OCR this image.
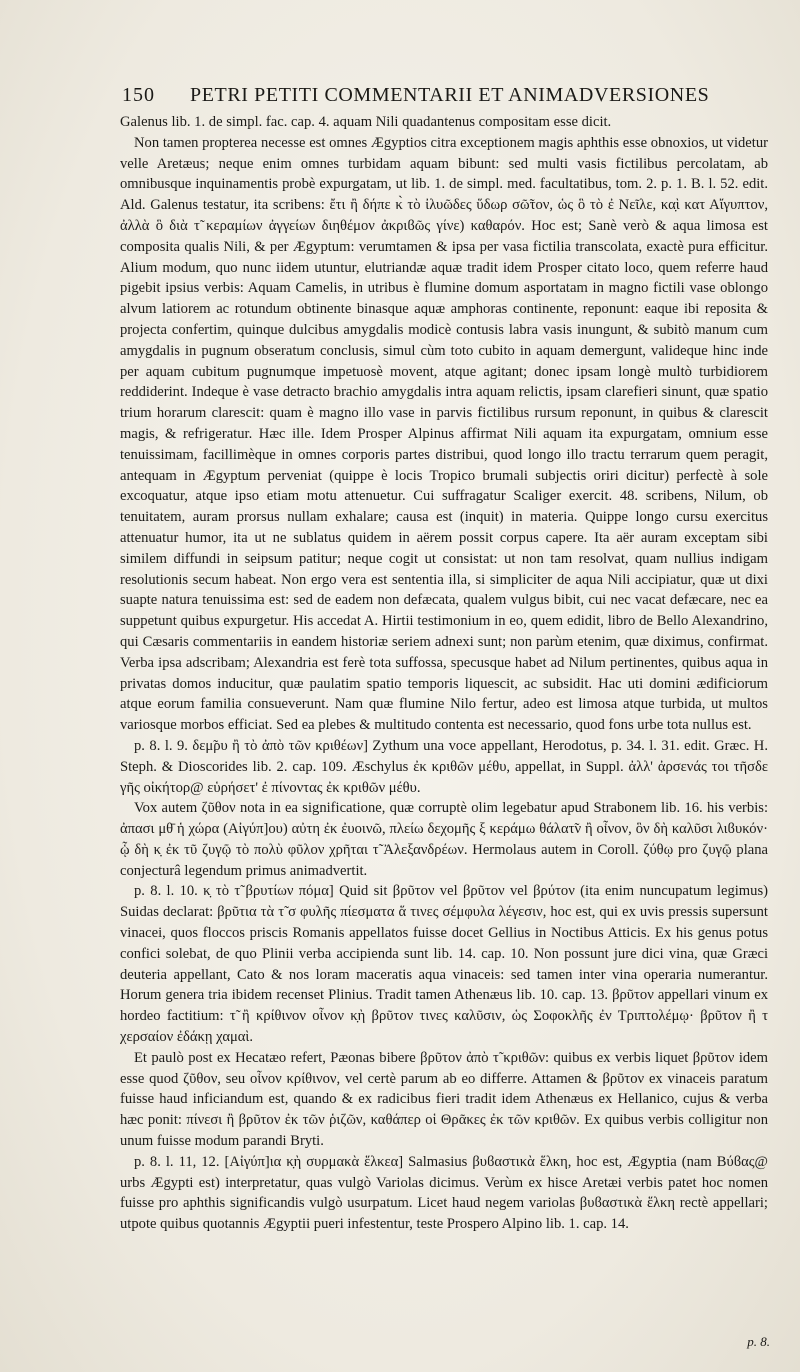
150 PETRI PETITI COMMENTARII ET ANIMADVERSIONES

Galenus lib. 1. de simpl. fac. cap. 4. aquam Nili quadantenus compositam esse dicit.

Non tamen propterea necesse est omnes Ægyptios citra exceptionem magis aphthis esse obnoxios, ut videtur velle Aretæus; neque enim omnes turbidam aquam bibunt: sed multi vasis fictilibus percolatam, ab omnibusque inquinamentis probè expurgatam, ut lib. 1. de simpl. med. facultatibus, tom. 2. p. 1. B. l. 52. edit. Ald. Galenus testatur, ita scribens: ἔτι ἢ δήπε κ̀ τὸ ἰλυῶδες ὕδωρ σῶ̃τον, ὡς ὃ τὸ ἐ Νεῖλε, κα̣ὶ κατ Αἴγυπτον, ἀλλὰ ὃ διὰ τ̃ κεραμίων ἀγγείων διηθέμον ἀκριϐῶς γίνε) καθαρόν. Hoc est; Sanè verò & aqua limosa est composita qualis Nili, & per Ægyptum: verumtamen & ipsa per vasa fictilia transcolata, exactè pura efficitur. Alium modum, quo nunc iidem utuntur, elutriandæ aquæ tradit idem Prosper citato loco, quem referre haud pigebit ipsius verbis: Aquam Camelis, in utribus è flumine domum asportatam in magno fictili vase oblongo alvum latiorem ac rotundum obtinente binasque aquæ amphoras continente, reponunt: eaque ibi reposita & projecta confertim, quinque dulcibus amygdalis modicè contusis labra vasis inungunt, & subitò manum cum amygdalis in pugnum obseratum conclusis, simul cùm toto cubito in aquam demergunt, valideque hinc inde per aquam cubitum pugnumque impetuosè movent, atque agitant; donec ipsam longè multò turbidiorem reddiderint. Indeque è vase detracto brachio amygdalis intra aquam relictis, ipsam clarefieri sinunt, quæ spatio trium horarum clarescit: quam è magno illo vase in parvis fictilibus rursum reponunt, in quibus & clarescit magis, & refrigeratur. Hæc ille. Idem Prosper Alpinus affirmat Nili aquam ita expurgatam, omnium esse tenuissimam, facillimèque in omnes corporis partes distribui, quod longo illo tractu terrarum quem peragit, antequam in Ægyptum perveniat (quippe è locis Tropico brumali subjectis oriri dicitur) perfectè à sole excoquatur, atque ipso etiam motu attenuetur. Cui suffragatur Scaliger exercit. 48. scribens, Nilum, ob tenuitatem, auram prorsus nullam exhalare; causa est (inquit) in materia. Quippe longo cursu exercitus attenuatur humor, ita ut ne sublatus quidem in aërem possit corpus capere. Ita aër auram exceptam sibi similem diffundi in seipsum patitur; neque cogit ut consistat: ut non tam resolvat, quam nullius indigam resolutionis secum habeat. Non ergo vera est sententia illa, si simpliciter de aqua Nili accipiatur, quæ ut dixi suapte natura tenuissima est: sed de eadem non defæcata, qualem vulgus bibit, cui nec vacat defæcare, nec ea suppetunt quibus expurgetur. His accedat A. Hirtii testimonium in eo, quem edidit, libro de Bello Alexandrino, qui Cæsaris commentariis in eandem historiæ seriem adnexi sunt; non parùm etenim, quæ diximus, confirmat. Verba ipsa adscribam; Alexandria est ferè tota suffossa, specusque habet ad Nilum pertinentes, quibus aqua in privatas domos inducitur, quæ paulatim spatio temporis liquescit, ac subsidit. Hac uti domini ædificiorum atque eorum familia consueverunt. Nam quæ flumine Nilo fertur, adeo est limosa atque turbida, ut multos variosque morbos efficiat. Sed ea plebes & multitudo contenta est necessario, quod fons urbe tota nullus est.

p. 8. l. 9. δεμ̃ρυ ἢ τὸ ἀπὸ τῶν κριθέων] Zythum una voce appellant, Herodotus, p. 34. l. 31. edit. Græc. H. Steph. & Dioscorides lib. 2. cap. 109. Æschylus ἐκ κριθῶν μέθυ, appellat, in Suppl. ἀλλ' ἀρσενάς τοι τῆσδε γῆς οἰκήτορ@ εὑρήσετ' ἐ πίνοντας ἐκ κριθῶν μέθυ.

Vox autem ζῦθον nota in ea significatione, quæ corruptè olim legebatur apud Strabonem lib. 16. his verbis: ἀπασι μθ̄ ἡ χώρα (Αἰγύπ]ου) αὐτη ἐκ ἐυοινῶ, πλείω δεχομῆς ξ κεράμω θάλατ̃ν ἢ οἶνον, ὃν δὴ καλῦσι λιϐυκόν· ᾧ δὴ κ̣ ἐκ τῦ ζυγῷ τὸ πολὺ φῦλον χρῆται τ̃ Ἀλεξανδρέων. Hermolaus autem in Coroll. ζύθῳ pro ζυγῷ plana conjecturâ legendum primus animadvertit.

p. 8. l. 10. κ̣ τὸ τ̃ βρυτίων πόμα] Quid sit βρῦτον vel βρῦτον vel βρύτον (ita enim nuncupatum legimus) Suidas declarat: βρῦτια τὰ τ̃ σ φυλῆς πίεσματα ἅ τινες σέμφυλα λέγεσιν, hoc est, qui ex uvis pressis supersunt vinacei, quos floccos priscis Romanis appellatos fuisse docet Gellius in Noctibus Atticis. Ex his genus potus confici solebat, de quo Plinii verba accipienda sunt lib. 14. cap. 10. Non possunt jure dici vina, quæ Græci deuteria appellant, Cato & nos loram maceratis aqua vinaceis: sed tamen inter vina operaria numerantur. Horum genera tria ibidem recenset Plinius. Tradit tamen Athenæus lib. 10. cap. 13. βρῦτον appellari vinum ex hordeo factitium: τ̃ ἢ κρίθινον οἶνον κ̣ὴ βρῦτον τινες καλῦσιν, ὡς Σοφοκλῆς ἐν Τριπτολέμῳ· βρῦτον ἢ τ̃ χερσαίον ἐδάκῃ χαμαὶ.

Et paulò post ex Hecatæo refert, Pæonas bibere βρῦτον ἀπὸ τ̃ κριθῶν: quibus ex verbis liquet βρῦτον idem esse quod ζῦθον, seu οἶνον κρίθινον, vel certè parum ab eo differre. Attamen & βρῦτον ex vinaceis paratum fuisse haud inficiandum est, quando & ex radicibus fieri tradit idem Athenæus ex Hellanico, cujus & verba hæc ponit: πίνεσι ἢ βρῦτον ἐκ τῶν ῥιζῶν, καθάπερ οἱ Θρᾶκες ἐκ τῶν κριθῶν. Ex quibus verbis colligitur non unum fuisse modum parandi Bryti.

p. 8. l. 11, 12. [Αἰγύπ]ια κ̣ὴ συρμακὰ ἕλκεα] Salmasius βυϐαστικὰ ἕλκη, hoc est, Ægyptia (nam Βύϐας@ urbs Ægypti est) interpretatur, quas vulgò Variolas dicimus. Verùm ex hisce Aretæi verbis patet hoc nomen fuisse pro aphthis significandis vulgò usurpatum. Licet haud negem variolas βυϐαστικὰ ἕλκη rectè appellari; utpote quibus quotannis Ægyptii pueri infestentur, teste Prospero Alpino lib. 1. cap. 14.

p. 8.
